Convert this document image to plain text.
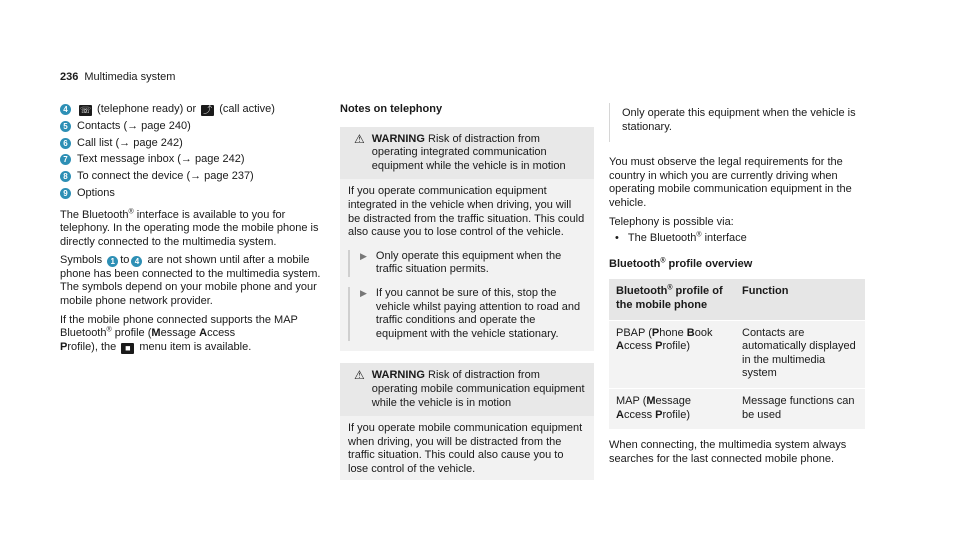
236 Multimedia system
4	☏ (telephone ready) or ⤴ (call active)
5 Contacts (→ page 240)
6 Call list (→ page 242)
7 Text message inbox (→ page 242)
8 To connect the device (→ page 237)
9 Options

The Bluetooth® interface is available to you for telephony. In the operating mode the mobile phone is directly connected to the multimedia system.

Symbols 1 to 4 are not shown until after a mobile phone has been connected to the multimedia system. The symbols depend on your mobile phone and your mobile phone network provider.

If the mobile phone connected supports the MAP Bluetooth® profile (Message Access
Profile), the ■ menu item is available.

Notes on telephony
⚠ WARNING Risk of distraction from operating integrated communication equipment while the vehicle is in motion
If you operate communication equipment integrated in the vehicle when driving, you will be distracted from the traffic situation. This could also cause you to lose control of the vehicle.
▶ Only operate this equipment when the traffic situation permits.
▶ If you cannot be sure of this, stop the vehicle whilst paying attention to road and traffic conditions and operate the equipment with the vehicle stationary.
⚠ WARNING Risk of distraction from operating mobile communication equipment while the vehicle is in motion
If you operate mobile communication equipment when driving, you will be distracted from the traffic situation. This could also cause you to lose control of the vehicle.
Only operate this equipment when the vehicle is stationary.

You must observe the legal requirements for the country in which you are currently driving when operating mobile communication equipment in the vehicle.

Telephony is possible via:

• The Bluetooth® interface
Bluetooth® profile overview
Bluetooth® profile of the mobile phone	Function
PBAP (Phone Book
Access Profile)	Contacts are automatically displayed in the multimedia system
MAP (Message
Access Profile)	Message functions can be used

When connecting, the multimedia system always searches for the last connected mobile phone.
